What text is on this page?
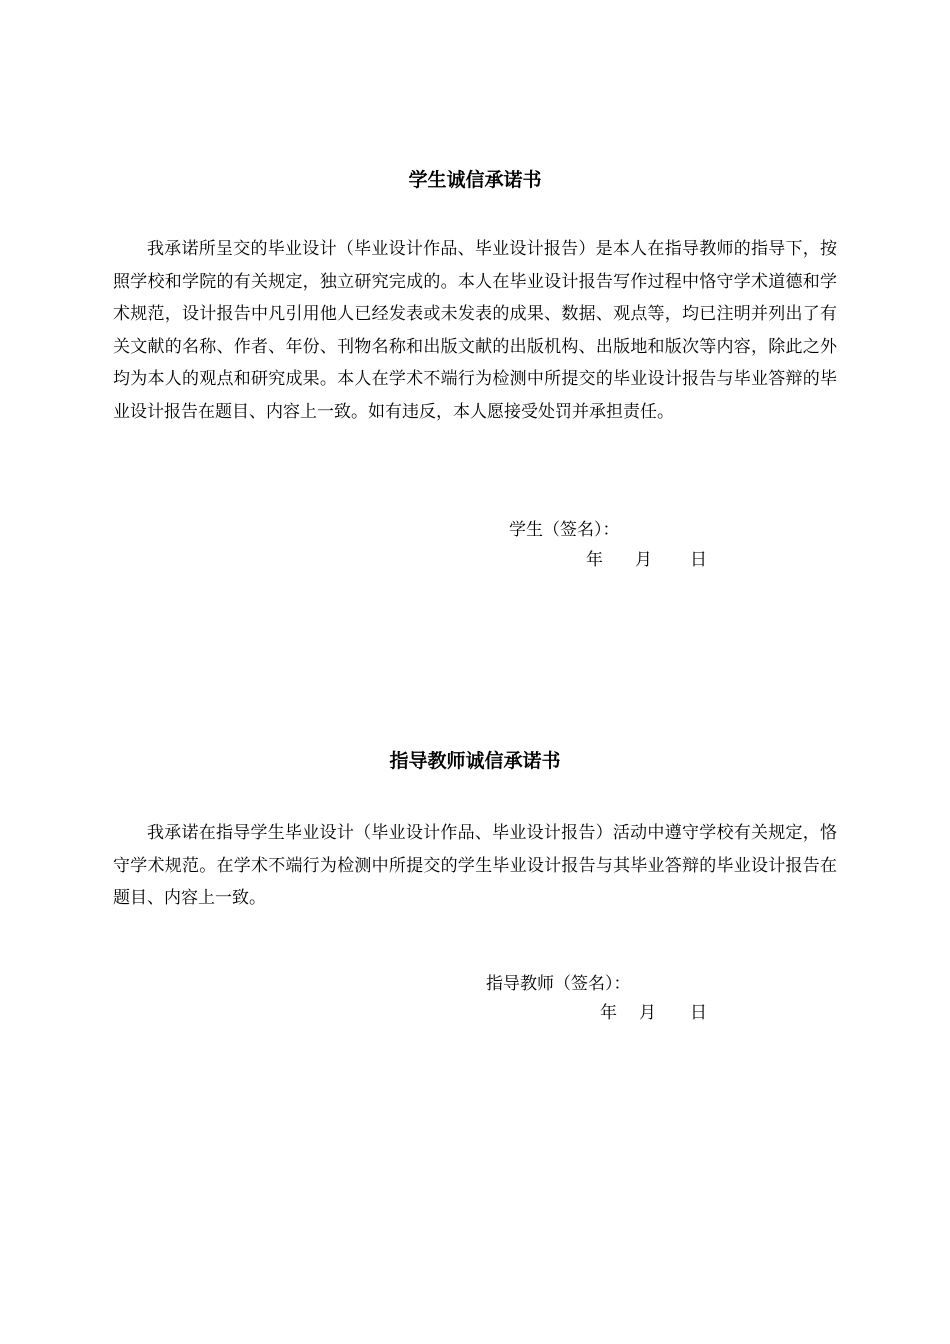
学生诚信承诺书

我承诺所呈交的毕业设计（毕业设计作品、毕业设计报告）是本人在指导教师的指导下，按照学校和学院的有关规定，独立研究完成的。本人在毕业设计报告写作过程中恪守学术道德和学术规范，设计报告中凡引用他人已经发表或未发表的成果、数据、观点等，均已注明并列出了有关文献的名称、作者、年份、刊物名称和出版文献的出版机构、出版地和版次等内容，除此之外均为本人的观点和研究成果。本人在学术不端行为检测中所提交的毕业设计报告与毕业答辩的毕业设计报告在题目、内容上一致。如有违反，本人愿接受处罚并承担责任。

学生（签名）：
年 月 日
指导教师诚信承诺书

我承诺在指导学生毕业设计（毕业设计作品、毕业设计报告）活动中遵守学校有关规定，恪守学术规范。在学术不端行为检测中所提交的学生毕业设计报告与其毕业答辩的毕业设计报告在题目、内容上一致。

指导教师（签名）：
年 月 日
